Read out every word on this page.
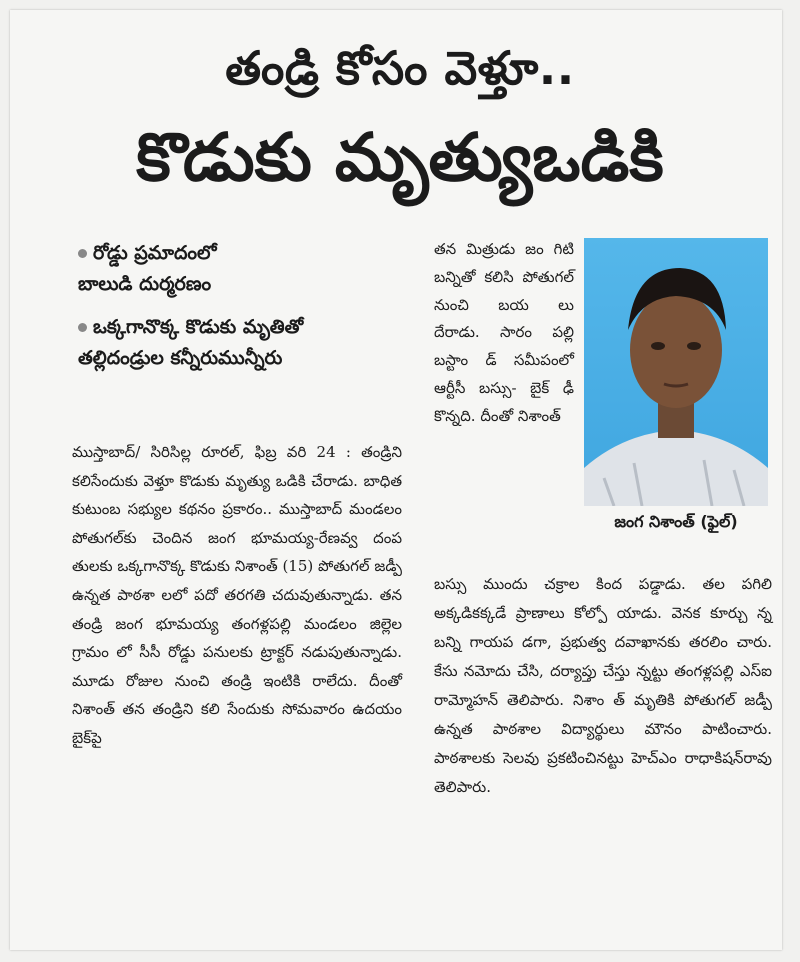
తండ్రి కోసం వెళ్తూ..
కొడుకు మృత్యుఒడికి
రోడ్డు ప్రమాదంలో
బాలుడి దుర్మరణం
ఒక్కగానొక్క కొడుకు మృతితో
తల్లిదండ్రుల కన్నీరుమున్నీరు

ముస్తాబాద్/ సిరిసిల్ల రూరల్, ఫిబ్ర వరి 24 : తండ్రిని కలిసేందుకు వెళ్తూ కొడుకు మృత్యు ఒడికి చేరాడు. బాధిత కుటుంబ సభ్యుల కథనం ప్రకారం.. ముస్తాబాద్ మండలం పోతుగల్‌కు చెందిన జంగ భూమయ్య-రేణవ్వ దంప తులకు ఒక్కగానొక్క కొడుకు నిశాంత్ (15) పోతుగల్ జడ్పీ ఉన్నత పాఠశా లలో పదో తరగతి చదువుతున్నాడు. తన తండ్రి జంగ భూమయ్య తంగళ్లపల్లి మండలం జిల్లెల గ్రామం లో సీసీ రోడ్డు పనులకు ట్రాక్టర్ నడుపుతున్నాడు. మూడు రోజుల నుంచి తండ్రి ఇంటికి రాలేదు. దీంతో నిశాంత్ తన తండ్రిని కలి సేందుకు సోమవారం ఉదయం బైక్‌పై

తన మిత్రుడు జం గిటి బన్నితో కలిసి పోతుగల్ నుంచి బయ లు దేరాడు. సారం పల్లి బస్టాం డ్ సమీపంలో ఆర్టీసీ బస్సు- బైక్ ఢీ కొన్నది. దీంతో నిశాంత్

జంగ నిశాంత్ (ఫైల్)

బస్సు ముందు చక్రాల కింద పడ్డాడు. తల పగిలి అక్కడికక్కడే ప్రాణాలు కోల్పో యాడు. వెనక కూర్చు న్న బన్ని గాయప డగా, ప్రభుత్వ దవాఖానకు తరలిం చారు. కేసు నమోదు చేసి, దర్యాప్తు చేస్తు న్నట్టు తంగళ్లపల్లి ఎస్ఐ రామ్మోహన్ తెలిపారు. నిశాం త్ మృతికి పోతుగల్ జడ్పీ ఉన్నత పాఠశాల విద్యార్థులు మౌనం పాటించారు. పాఠశాలకు సెలవు ప్రకటించినట్టు హెచ్ఎం రాధాకిషన్‌రావు తెలిపారు.
